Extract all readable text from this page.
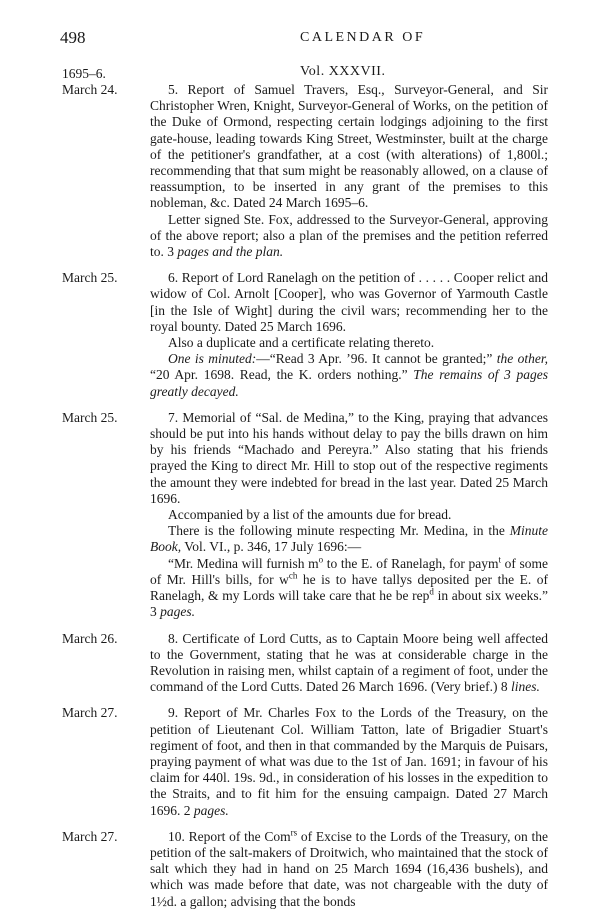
498	CALENDAR OF
1695–6.	Vol. XXXVII.
March 24.	5. Report of Samuel Travers, Esq., Surveyor-General, and Sir Christopher Wren, Knight, Surveyor-General of Works, on the petition of the Duke of Ormond, respecting certain lodgings adjoining to the first gate-house, leading towards King Street, Westminster, built at the charge of the petitioner's grandfather, at a cost (with alterations) of 1,800l.; recommending that that sum might be reasonably allowed, on a clause of reassumption, to be inserted in any grant of the premises to this nobleman, &c. Dated 24 March 1695–6.

Letter signed Ste. Fox, addressed to the Surveyor-General, approving of the above report; also a plan of the premises and the petition referred to. 3 pages and the plan.

March 25.	6. Report of Lord Ranelagh on the petition of . . . . . Cooper relict and widow of Col. Arnolt [Cooper], who was Governor of Yarmouth Castle [in the Isle of Wight] during the civil wars; recommending her to the royal bounty. Dated 25 March 1696.

Also a duplicate and a certificate relating thereto.

One is minuted:—“Read 3 Apr. ’96. It cannot be granted;” the other, “20 Apr. 1698. Read, the K. orders nothing.” The remains of 3 pages greatly decayed.

March 25.	7. Memorial of “Sal. de Medina,” to the King, praying that advances should be put into his hands without delay to pay the bills drawn on him by his friends “Machado and Pereyra.” Also stating that his friends prayed the King to direct Mr. Hill to stop out of the respective regiments the amount they were indebted for bread in the last year. Dated 25 March 1696.

Accompanied by a list of the amounts due for bread.

There is the following minute respecting Mr. Medina, in the Minute Book, Vol. VI., p. 346, 17 July 1696:—

“Mr. Medina will furnish $m^o$ to the E. of Ranelagh, for paym$^t$ of some of Mr. Hill's bills, for $w^{ch}$ he is to have tallys deposited per the E. of Ranelagh, & my Lords will take care that he be rep$^d$ in about six weeks.” 3 pages.

March 26.	8. Certificate of Lord Cutts, as to Captain Moore being well affected to the Government, stating that he was at considerable charge in the Revolution in raising men, whilst captain of a regiment of foot, under the command of the Lord Cutts. Dated 26 March 1696. (Very brief.) 8 lines.

March 27.	9. Report of Mr. Charles Fox to the Lords of the Treasury, on the petition of Lieutenant Col. William Tatton, late of Brigadier Stuart's regiment of foot, and then in that commanded by the Marquis de Puisars, praying payment of what was due to the 1st of Jan. 1691; in favour of his claim for 440l. 19s. 9d., in consideration of his losses in the expedition to the Straits, and to fit him for the ensuing campaign. Dated 27 March 1696. 2 pages.

March 27.	10. Report of the Com$^{rs}$ of Excise to the Lords of the Treasury, on the petition of the salt-makers of Droitwich, who maintained that the stock of salt which they had in hand on 25 March 1694 (16,436 bushels), and which was made before that date, was not chargeable with the duty of 1½d. a gallon; advising that the bonds
